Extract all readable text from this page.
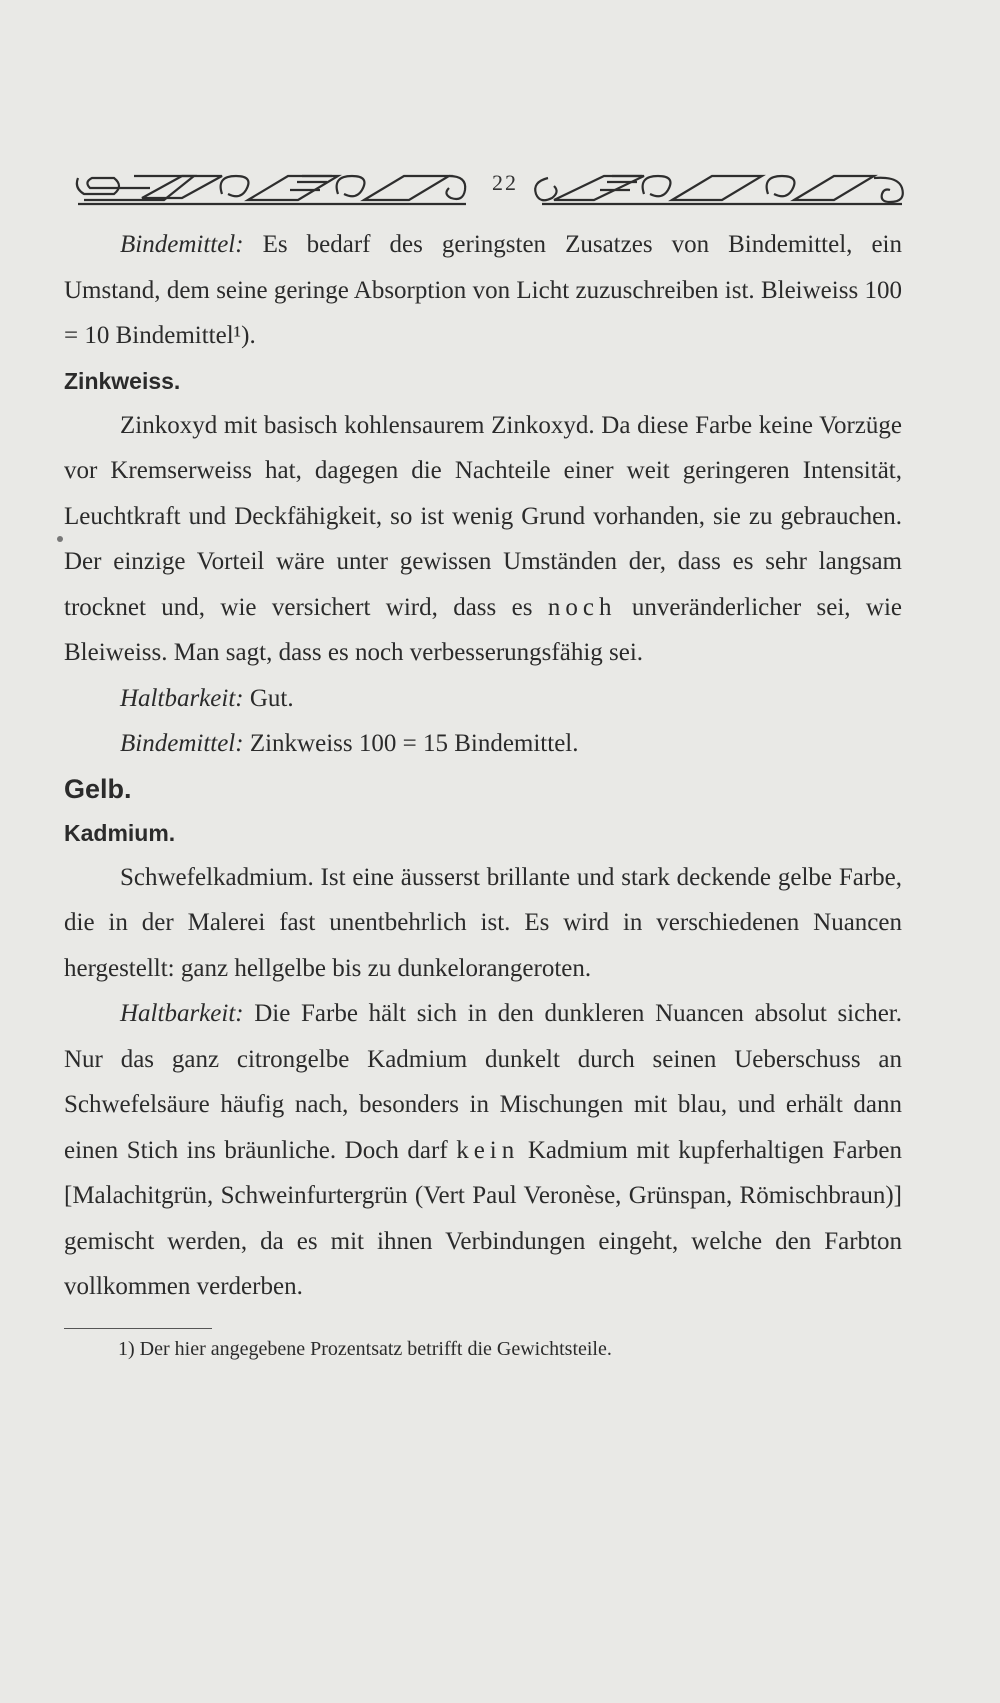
22

Bindemittel: Es bedarf des geringsten Zusatzes von Bindemittel, ein Umstand, dem seine geringe Absorption von Licht zuzuschreiben ist. Bleiweiss 100 = 10 Bindemittel¹).

Zinkweiss.

Zinkoxyd mit basisch kohlensaurem Zinkoxyd. Da diese Farbe keine Vorzüge vor Kremserweiss hat, dagegen die Nachteile einer weit geringeren Intensität, Leuchtkraft und Deckfähigkeit, so ist wenig Grund vorhanden, sie zu gebrauchen. Der einzige Vorteil wäre unter gewissen Umständen der, dass es sehr langsam trocknet und, wie versichert wird, dass es noch unveränderlicher sei, wie Bleiweiss. Man sagt, dass es noch verbesserungsfähig sei.

Haltbarkeit: Gut.

Bindemittel: Zinkweiss 100 = 15 Bindemittel.

Gelb.
Kadmium.

Schwefelkadmium. Ist eine äusserst brillante und stark deckende gelbe Farbe, die in der Malerei fast unentbehrlich ist. Es wird in verschiedenen Nuancen hergestellt: ganz hellgelbe bis zu dunkelorangeroten.

Haltbarkeit: Die Farbe hält sich in den dunkleren Nuancen absolut sicher. Nur das ganz citrongelbe Kadmium dunkelt durch seinen Ueberschuss an Schwefelsäure häufig nach, besonders in Mischungen mit blau, und erhält dann einen Stich ins bräunliche. Doch darf kein Kadmium mit kupferhaltigen Farben [Malachitgrün, Schweinfurtergrün (Vert Paul Veronèse, Grünspan, Römischbraun)] gemischt werden, da es mit ihnen Verbindungen eingeht, welche den Farbton vollkommen verderben.

1) Der hier angegebene Prozentsatz betrifft die Gewichtsteile.
